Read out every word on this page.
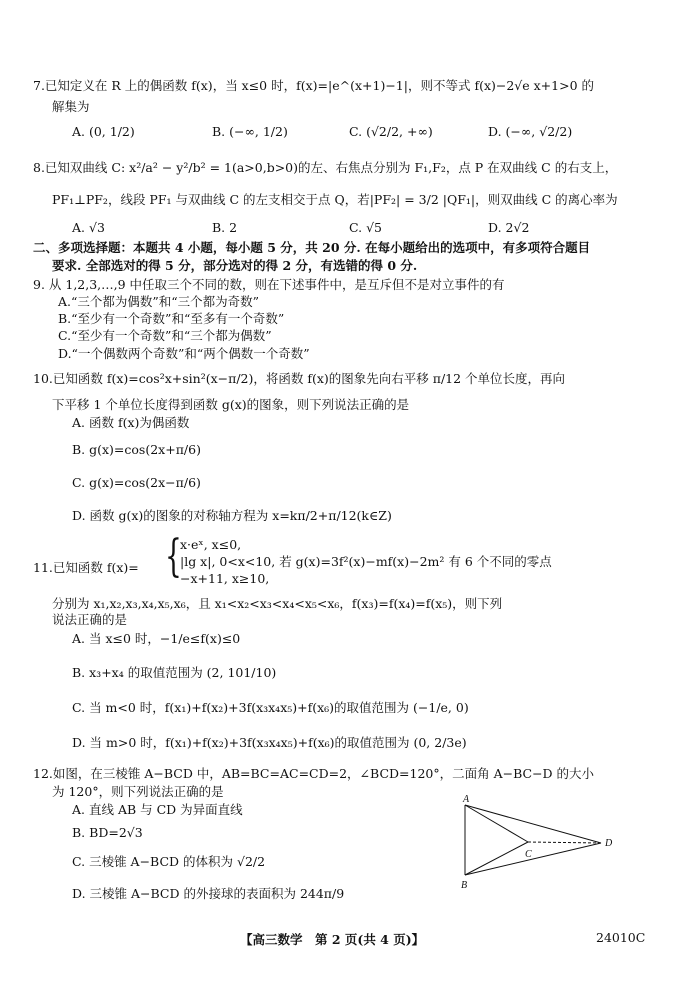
7.已知定义在 R 上的偶函数 f(x)，当 x≤0 时，f(x)=|e^(x+1)−1|，则不等式 f(x)−2√e x+1>0 的
解集为
A. (0, 1/2)	B. (−∞, 1/2)	C. (√2/2, +∞)	D. (−∞, √2/2)
8.已知双曲线 C: x²/a² − y²/b² = 1(a>0,b>0)的左、右焦点分别为 F₁,F₂，点 P 在双曲线 C 的右支上，
PF₁⊥PF₂，线段 PF₁ 与双曲线 C 的左支相交于点 Q，若|PF₂| = 3/2 |QF₁|，则双曲线 C 的离心率为
A. √3	B. 2	C. √5	D. 2√2
二、多项选择题：本题共 4 小题，每小题 5 分，共 20 分. 在每小题给出的选项中，有多项符合题目
要求. 全部选对的得 5 分，部分选对的得 2 分，有选错的得 0 分.
9. 从 1,2,3,…,9 中任取三个不同的数，则在下述事件中，是互斥但不是对立事件的有
A.“三个都为偶数”和“三个都为奇数”
B.“至少有一个奇数”和“至多有一个奇数”
C.“至少有一个奇数”和“三个都为偶数”
D.“一个偶数两个奇数”和“两个偶数一个奇数”
10.已知函数 f(x)=cos²x+sin²(x−π/2)，将函数 f(x)的图象先向右平移 π/12 个单位长度，再向
下平移 1 个单位长度得到函数 g(x)的图象，则下列说法正确的是
A. 函数 f(x)为偶函数
B. g(x)=cos(2x+π/6)
C. g(x)=cos(2x−π/6)
D. 函数 g(x)的图象的对称轴方程为 x=kπ/2+π/12(k∈Z)
11.已知函数 f(x)= {
x·eˣ, x≤0,
|lg x|, 0<x<10, 若 g(x)=3f²(x)−mf(x)−2m² 有 6 个不同的零点
−x+11, x≥10,
分别为 x₁,x₂,x₃,x₄,x₅,x₆，且 x₁<x₂<x₃<x₄<x₅<x₆，f(x₃)=f(x₄)=f(x₅)，则下列
说法正确的是
A. 当 x≤0 时，−1/e≤f(x)≤0
B. x₃+x₄ 的取值范围为 (2, 101/10)
C. 当 m<0 时，f(x₁)+f(x₂)+3f(x₃x₄x₅)+f(x₆)的取值范围为 (−1/e, 0)
D. 当 m>0 时，f(x₁)+f(x₂)+3f(x₃x₄x₅)+f(x₆)的取值范围为 (0, 2/3e)
12.如图，在三棱锥 A−BCD 中，AB=BC=AC=CD=2，∠BCD=120°，二面角 A−BC−D 的大小
为 120°，则下列说法正确的是
A. 直线 AB 与 CD 为异面直线
B. BD=2√3
C. 三棱锥 A−BCD 的体积为 √2/2
D. 三棱锥 A−BCD 的外接球的表面积为 244π/9
A
B
C
D
【高三数学　第 2 页(共 4 页)】	24010C
